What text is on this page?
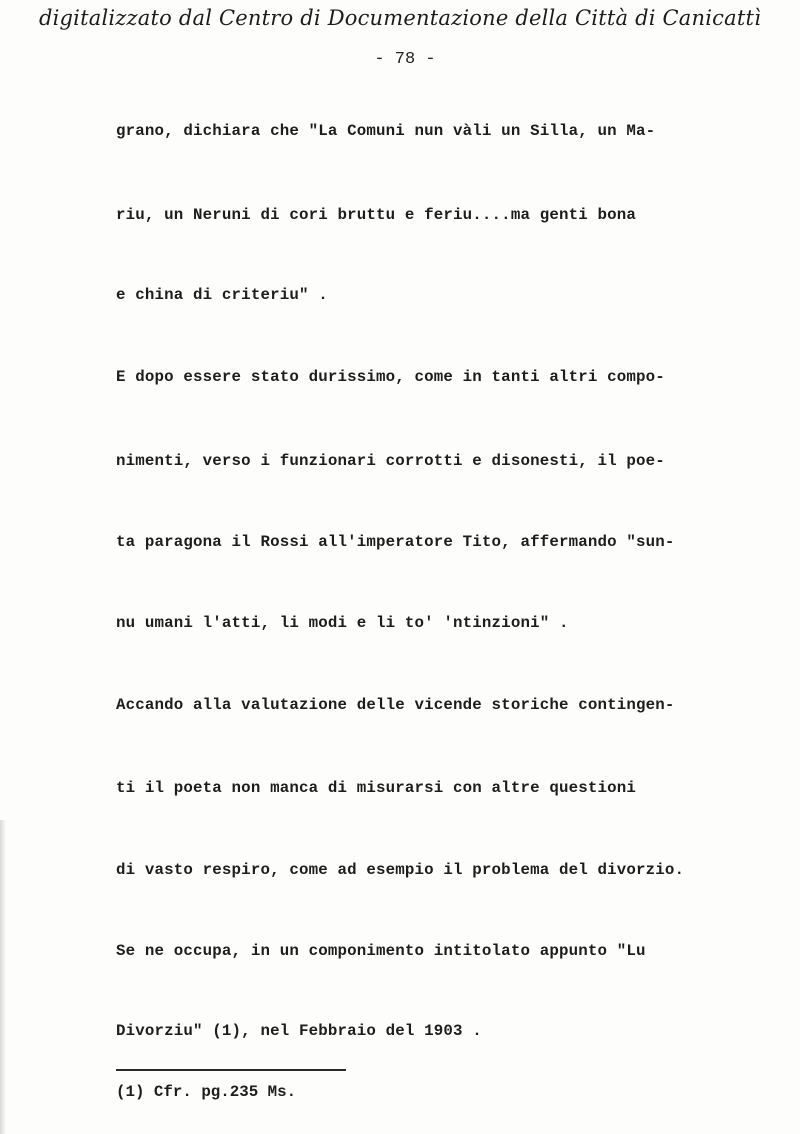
digitalizzato dal Centro di Documentazione della Città di Canicattì
- 78 -
grano, dichiara che "La Comuni nun vàli un Silla, un Ma-
riu, un Neruni di cori bruttu e feriu....ma genti bona
e china di criteriu" .
E dopo essere stato durissimo, come in tanti altri compo-
nimenti, verso i funzionari corrotti e disonesti, il poe-
ta paragona il Rossi all'imperatore Tito, affermando "sun-
nu umani l'atti, li modi e li to' 'ntinzioni" .
Accando alla valutazione delle vicende storiche contingen-
ti il poeta non manca di misurarsi con altre questioni
di vasto respiro, come ad esempio il problema del divorzio.
Se ne occupa, in un componimento intitolato appunto "Lu
Divorziu" (1), nel Febbraio del 1903 .
(1) Cfr. pg.235 Ms.
